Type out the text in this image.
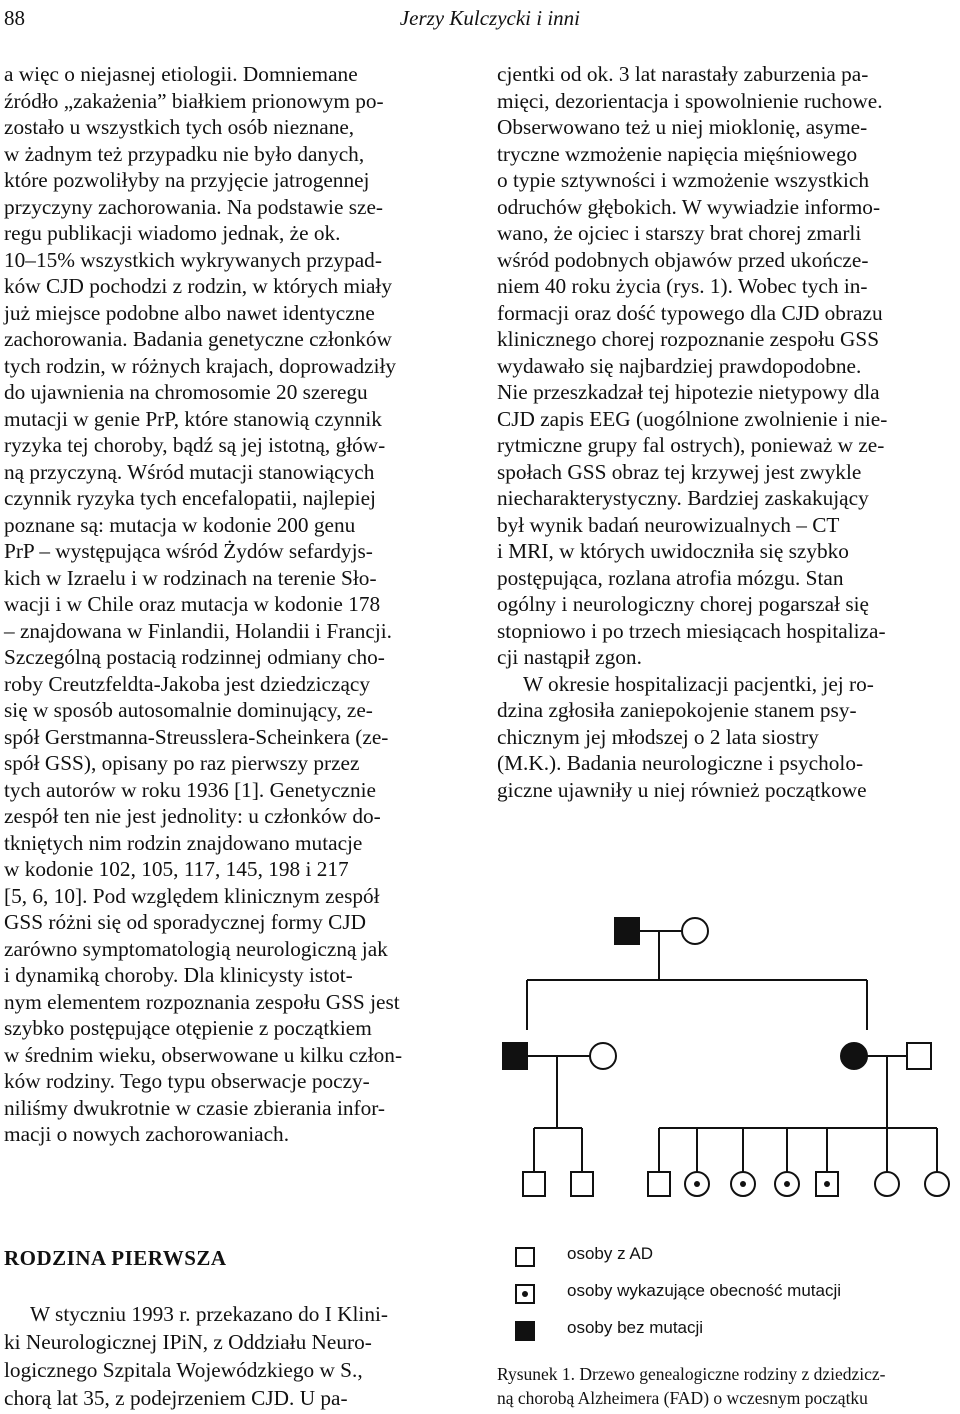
88	Jerzy Kulczycki i inni

a więc o niejasnej etiologii. Domniemane
źródło „zakażenia” białkiem prionowym po-
zostało u wszystkich tych osób nieznane,
w żadnym też przypadku nie było danych,
które pozwoliłyby na przyjęcie jatrogennej
przyczyny zachorowania. Na podstawie sze-
regu publikacji wiadomo jednak, że ok.
10–15% wszystkich wykrywanych przypad-
ków CJD pochodzi z rodzin, w których miały
już miejsce podobne albo nawet identyczne
zachorowania. Badania genetyczne członków
tych rodzin, w różnych krajach, doprowadziły
do ujawnienia na chromosomie 20 szeregu
mutacji w genie PrP, które stanowią czynnik
ryzyka tej choroby, bądź są jej istotną, głów-
ną przyczyną. Wśród mutacji stanowiących
czynnik ryzyka tych encefalopatii, najlepiej
poznane są: mutacja w kodonie 200 genu
PrP – występująca wśród Żydów sefardyjs-
kich w Izraelu i w rodzinach na terenie Sło-
wacji i w Chile oraz mutacja w kodonie 178
– znajdowana w Finlandii, Holandii i Francji.

Szczególną postacią rodzinnej odmiany cho-
roby Creutzfeldta-Jakoba jest dziedziczący
się w sposób autosomalnie dominujący, ze-
spół Gerstmanna-Streusslera-Scheinkera (ze-
spół GSS), opisany po raz pierwszy przez
tych autorów w roku 1936 [1]. Genetycznie
zespół ten nie jest jednolity: u członków do-
tkniętych nim rodzin znajdowano mutacje
w kodonie 102, 105, 117, 145, 198 i 217
[5, 6, 10]. Pod względem klinicznym zespół
GSS różni się od sporadycznej formy CJD
zarówno symptomatologią neurologiczną jak
i dynamiką choroby. Dla klinicysty istot-
nym elementem rozpoznania zespołu GSS jest
szybko postępujące otępienie z początkiem
w średnim wieku, obserwowane u kilku człon-
ków rodziny. Tego typu obserwacje poczy-
niliśmy dwukrotnie w czasie zbierania infor-
macji o nowych zachorowaniach.

RODZINA PIERWSZA
W styczniu 1993 r. przekazano do I Klini-
ki Neurologicznej IPiN, z Oddziału Neuro-
logicznego Szpitala Wojewódzkiego w S.,
chorą lat 35, z podejrzeniem CJD. U pa-

cjentki od ok. 3 lat narastały zaburzenia pa-
mięci, dezorientacja i spowolnienie ruchowe.
Obserwowano też u niej mioklonię, asyme-
tryczne wzmożenie napięcia mięśniowego
o typie sztywności i wzmożenie wszystkich
odruchów głębokich. W wywiadzie informo-
wano, że ojciec i starszy brat chorej zmarli
wśród podobnych objawów przed ukończe-
niem 40 roku życia (rys. 1). Wobec tych in-
formacji oraz dość typowego dla CJD obrazu
klinicznego chorej rozpoznanie zespołu GSS
wydawało się najbardziej prawdopodobne.
Nie przeszkadzał tej hipotezie nietypowy dla
CJD zapis EEG (uogólnione zwolnienie i nie-
rytmiczne grupy fal ostrych), ponieważ w ze-
społach GSS obraz tej krzywej jest zwykle
niecharakterystyczny. Bardziej zaskakujący
był wynik badań neurowizualnych – CT
i MRI, w których uwidoczniła się szybko
postępująca, rozlana atrofia mózgu. Stan
ogólny i neurologiczny chorej pogarszał się
stopniowo i po trzech miesiącach hospitaliza-
cji nastąpił zgon.

W okresie hospitalizacji pacjentki, jej ro-
dzina zgłosiła zaniepokojenie stanem psy-
chicznym jej młodszej o 2 lata siostry
(M.K.). Badania neurologiczne i psycholo-
giczne ujawniły u niej również początkowe

osoby z AD
osoby wykazujące obecność mutacji
osoby bez mutacji
Rysunek 1. Drzewo genealogiczne rodziny z dziedzicz-
ną chorobą Alzheimera (FAD) o wczesnym początku
